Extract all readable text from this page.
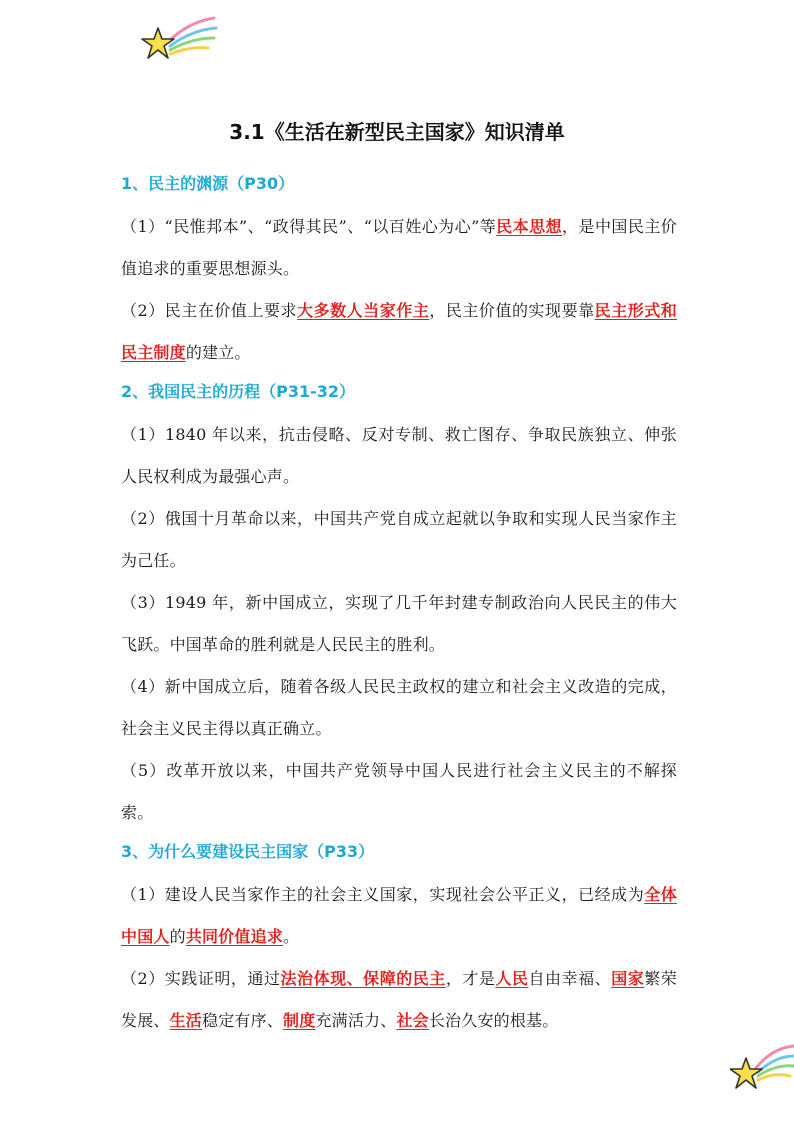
3.1《生活在新型民主国家》知识清单
1、民主的渊源（P30）

（1）“民惟邦本”、“政得其民”、“以百姓心为心”等民本思想，是中国民主价值追求的重要思想源头。

（2）民主在价值上要求大多数人当家作主，民主价值的实现要靠民主形式和民主制度的建立。

2、我国民主的历程（P31-32）

（1）1840 年以来，抗击侵略、反对专制、救亡图存、争取民族独立、伸张人民权利成为最强心声。

（2）俄国十月革命以来，中国共产党自成立起就以争取和实现人民当家作主为己任。

（3）1949 年，新中国成立，实现了几千年封建专制政治向人民民主的伟大飞跃。中国革命的胜利就是人民民主的胜利。

（4）新中国成立后，随着各级人民民主政权的建立和社会主义改造的完成，社会主义民主得以真正确立。

（5）改革开放以来，中国共产党领导中国人民进行社会主义民主的不解探索。

3、为什么要建设民主国家（P33）

（1）建设人民当家作主的社会主义国家，实现社会公平正义，已经成为全体中国人的共同价值追求。

（2）实践证明，通过法治体现、保障的民主，才是人民自由幸福、国家繁荣发展、生活稳定有序、制度充满活力、社会长治久安的根基。
